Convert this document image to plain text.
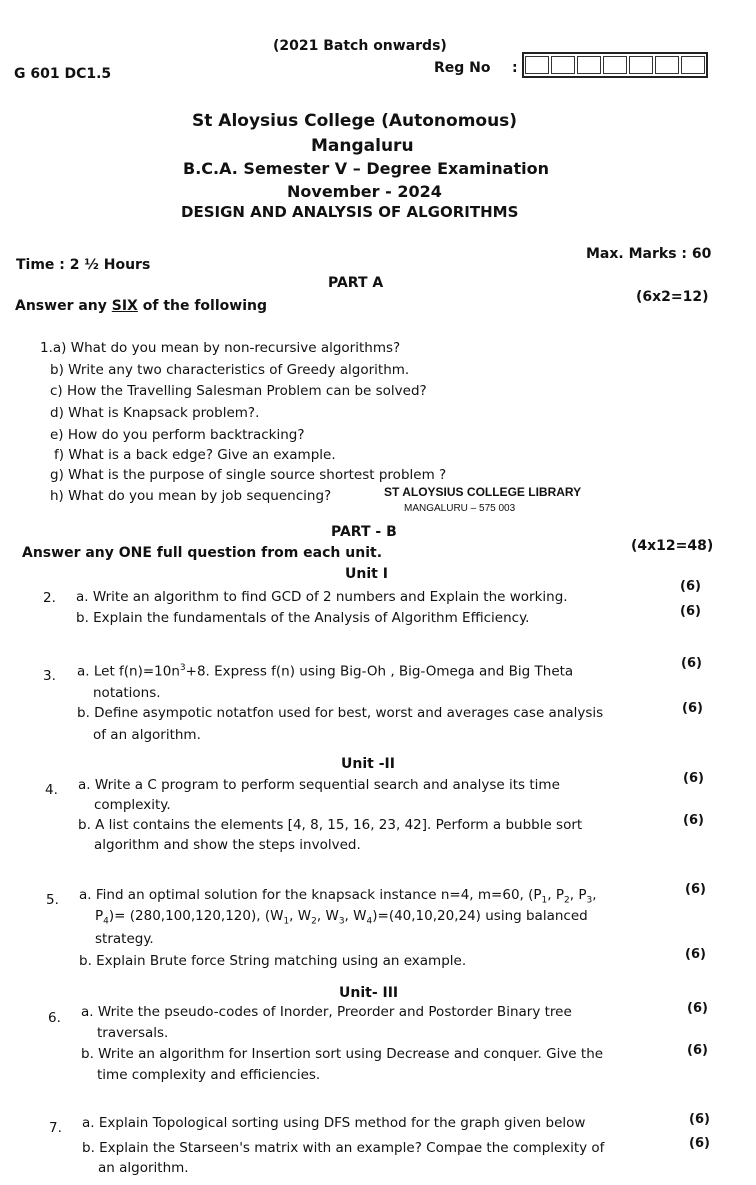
(2021 Batch onwards)
G 601 DC1.5	Reg No :
St Aloysius College (Autonomous)
Mangaluru
B.C.A. Semester V – Degree Examination
November - 2024
DESIGN AND ANALYSIS OF ALGORITHMS
Time : 2 ½ Hours
Max. Marks : 60
PART A
Answer any SIX of the following
(6x2=12)
1.a) What do you mean by non-recursive algorithms?
b) Write any two characteristics of Greedy algorithm.
c) How the Travelling Salesman Problem can be solved?
d) What is Knapsack problem?.
e) How do you perform backtracking?
f) What is a back edge? Give an example.
g) What is the purpose of single source shortest problem ?
h) What do you mean by job sequencing?	ST ALOYSIUS COLLEGE LIBRARY
MANGALURU – 575 003
PART - B
Answer any ONE full question from each unit.	(4x12=48)
Unit I
2. a. Write an algorithm to find GCD of 2 numbers and Explain the working.
(6)
b. Explain the fundamentals of the Analysis of Algorithm Efficiency.	(6)
3. a. Let $f(n)=10n^3+8$. Express f(n) using Big-Oh , Big-Omega and Big Theta	(6)
notations.
b. Define asympotic notatfon used for best, worst and averages case analysis	(6)
of an algorithm.
Unit -II
4. a. Write a C program to perform sequential search and analyse its time	(6)
complexity.
b. A list contains the elements [4, 8, 15, 16, 23, 42]. Perform a bubble sort	(6)
algorithm and show the steps involved.
5. a. Find an optimal solution for the knapsack instance n=4, m=60, ($P_1$, $P_2$, $P_3$,	(6)
$P_4)= (280,100,120,120)$, ($W_1$, $W_2$, $W_3$, $W_4)=(40,10,20,24)$ using balanced
strategy.
b. Explain Brute force String matching using an example.	(6)
Unit- III
6. a. Write the pseudo-codes of Inorder, Preorder and Postorder Binary tree	(6)
traversals.
b. Write an algorithm for Insertion sort using Decrease and conquer. Give the	(6)
time complexity and efficiencies.
7. a. Explain Topological sorting using DFS method for the graph given below	(6)
b. Explain the Starseen's matrix with an example? Compae the complexity of	(6)
an algorithm.
